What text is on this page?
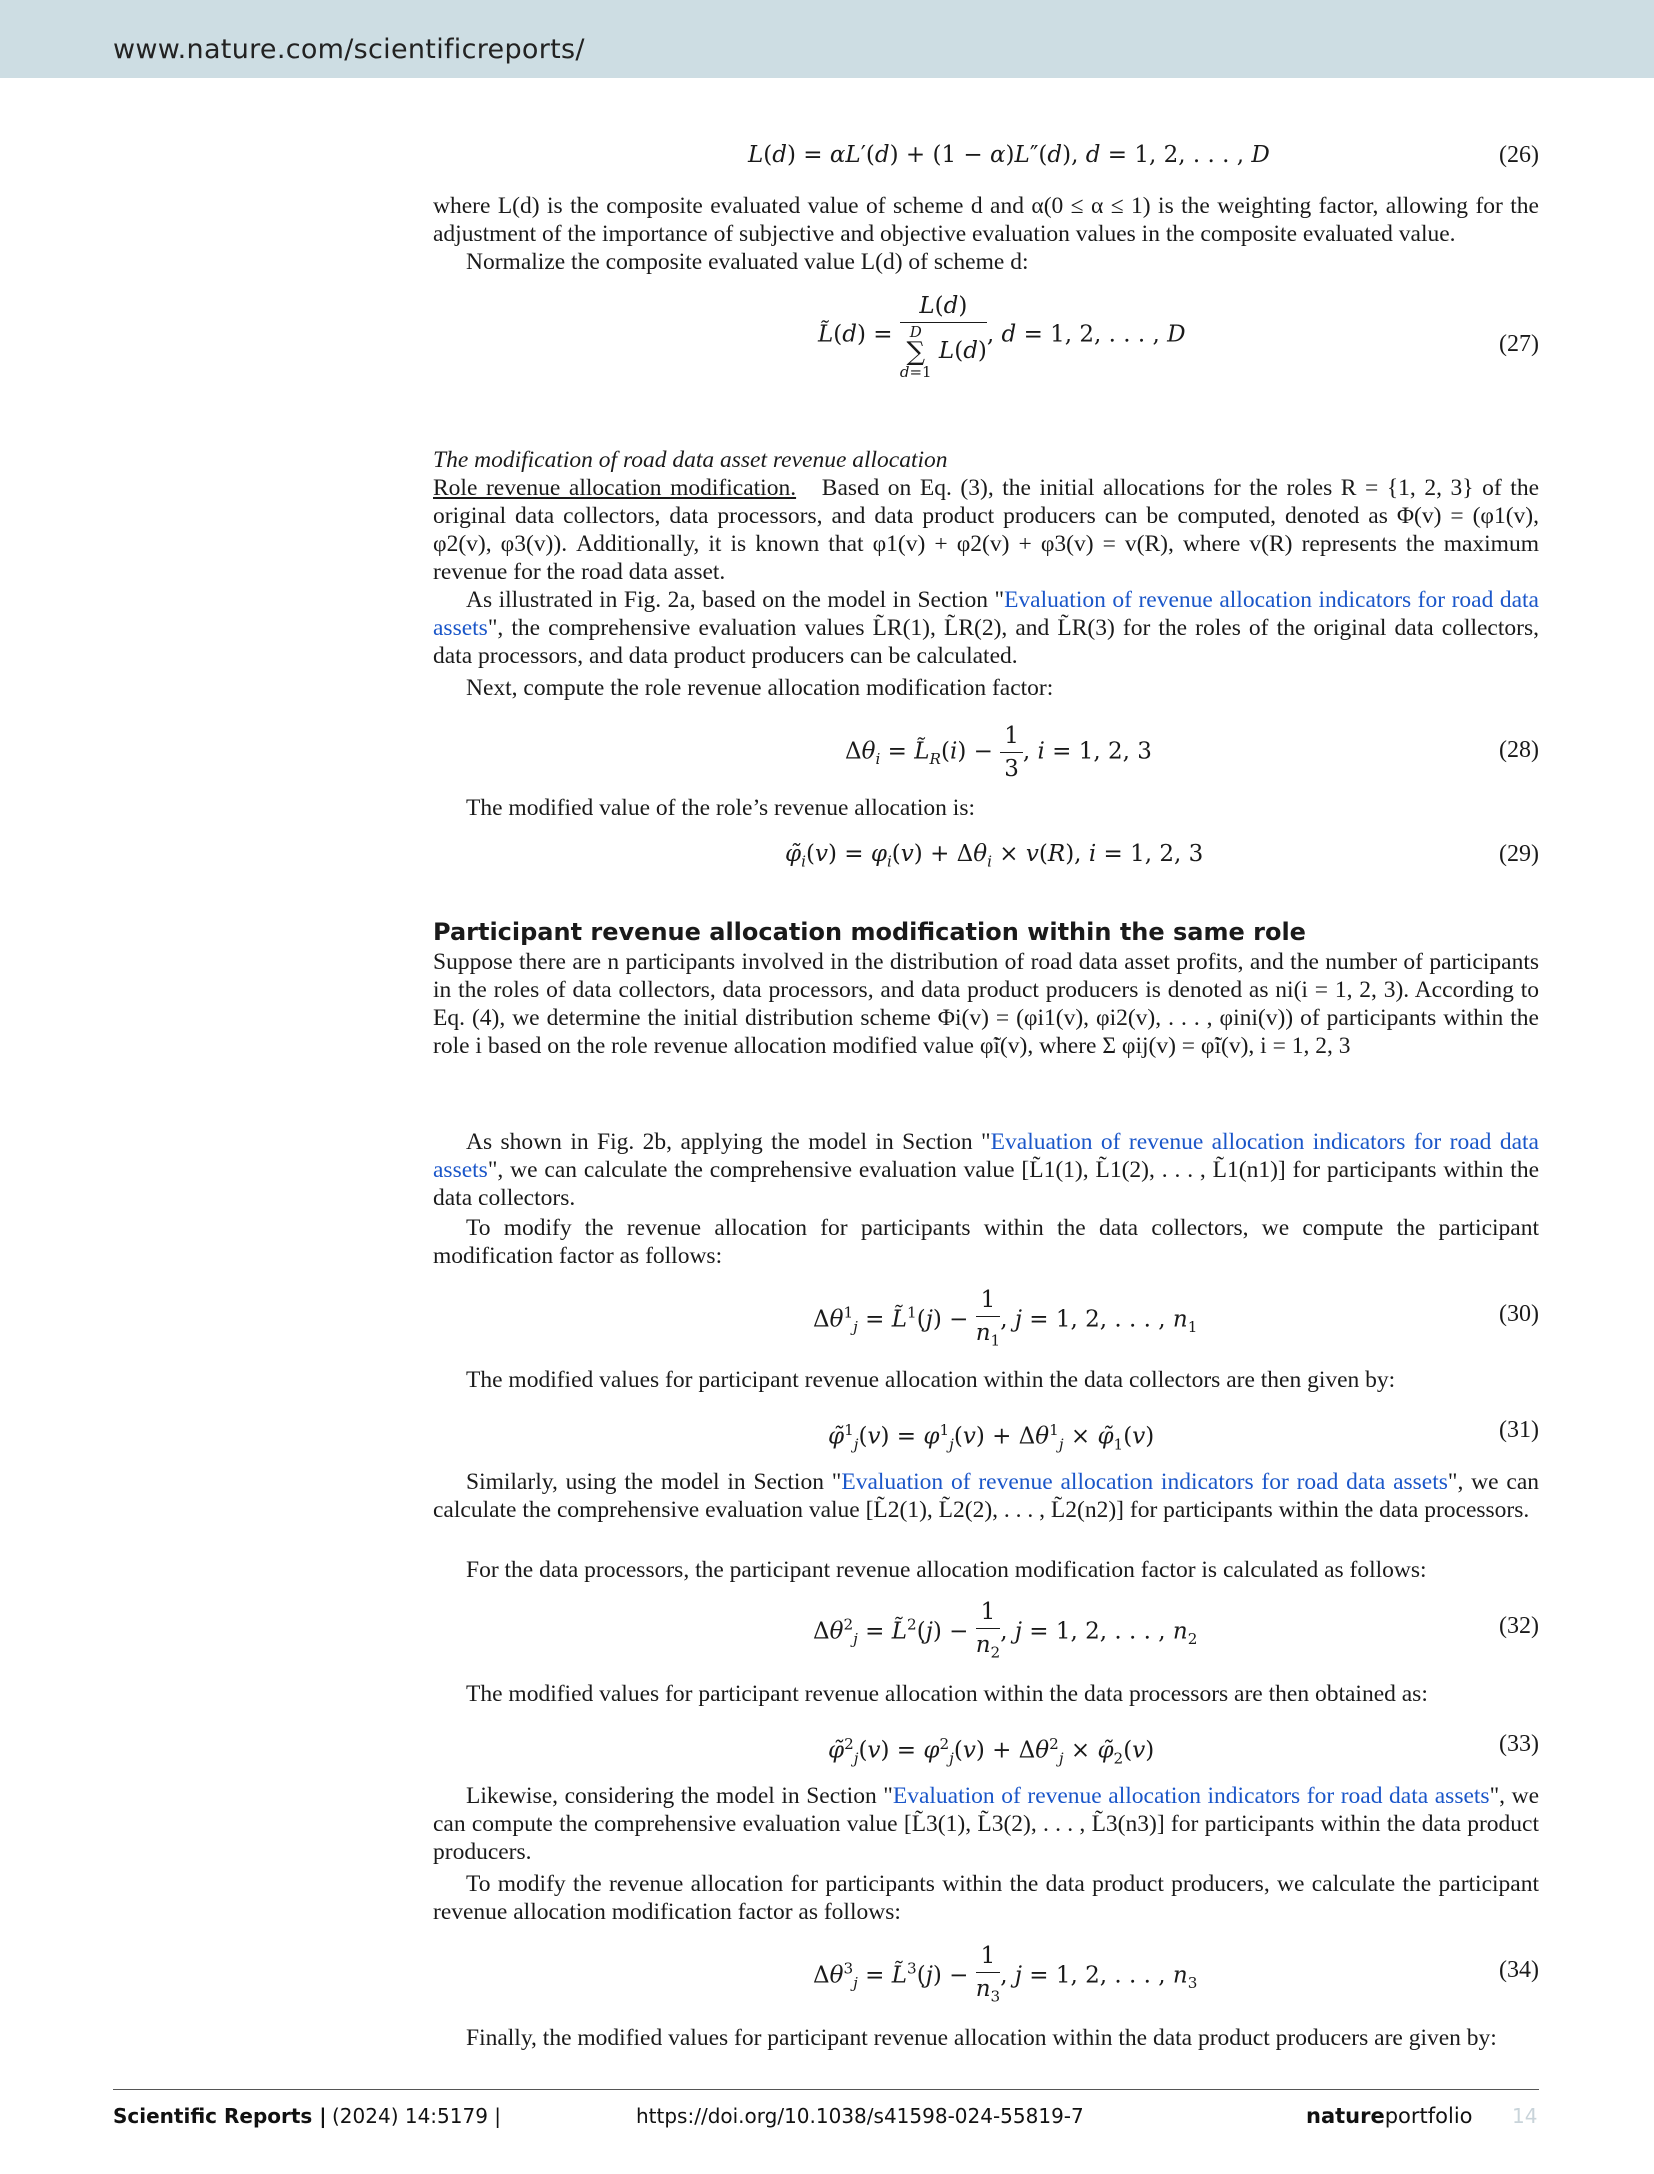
www.nature.com/scientificreports/
L(d) = αL′(d) + (1 − α)L″(d), d = 1, 2, . . . , D	(26)

where L(d) is the composite evaluated value of scheme d and α(0 ≤ α ≤ 1) is the weighting factor, allowing for the adjustment of the importance of subjective and objective evaluation values in the composite evaluated value.

Normalize the composite evaluated value L(d) of scheme d:

L̃(d) = L(d)
D
∑
d=1 L(d) , d = 1, 2, . . . , D	(27)

The modification of road data asset revenue allocation

Role revenue allocation modification. Based on Eq. (3), the initial allocations for the roles R = {1, 2, 3} of the original data collectors, data processors, and data product producers can be computed, denoted as Φ(v) = (φ1(v), φ2(v), φ3(v)). Additionally, it is known that φ1(v) + φ2(v) + φ3(v) = v(R), where v(R) represents the maximum revenue for the road data asset.

As illustrated in Fig. 2a, based on the model in Section "Evaluation of revenue allocation indicators for road data assets", the comprehensive evaluation values L̃R(1), L̃R(2), and L̃R(3) for the roles of the original data collectors, data processors, and data product producers can be calculated.

Next, compute the role revenue allocation modification factor:

$\Delta\theta_i$ = $L̃_R(i) - \frac{1}{3}$ , i = 1, 2, 3	(28)

The modified value of the role’s revenue allocation is:

$\varphĩ_i(v) = \varphi_i(v) + \Delta\theta_i \times v(R)$, i = 1, 2, 3	(29)
Participant revenue allocation modification within the same role

Suppose there are n participants involved in the distribution of road data asset profits, and the number of participants in the roles of data collectors, data processors, and data product producers is denoted as ni(i = 1, 2, 3). According to Eq. (4), we determine the initial distribution scheme Φi(v) = (φi1(v), φi2(v), . . . , φini(v)) of participants within the role i based on the role revenue allocation modified value φ̃i(v), where Σ φij(v) = φ̃i(v), i = 1, 2, 3

As shown in Fig. 2b, applying the model in Section "Evaluation of revenue allocation indicators for road data assets", we can calculate the comprehensive evaluation value [L̃1(1), L̃1(2), . . . , L̃1(n1)] for participants within the data collectors.

To modify the revenue allocation for participants within the data collectors, we compute the participant modification factor as follows:

$\Delta\theta^1_j$ = L̃$^1$(j) − $\frac{1}{n_1}$ , j = 1, 2, . . . , $n_1$	(30)

The modified values for participant revenue allocation within the data collectors are then given by:

φ̃$^1_j$(v) = $\varphi^1_j(v) + \Delta\theta^1_j$ × $\varphĩ_1(v)$	(31)

Similarly, using the model in Section "Evaluation of revenue allocation indicators for road data assets", we can calculate the comprehensive evaluation value [L̃2(1), L̃2(2), . . . , L̃2(n2)] for participants within the data processors.

For the data processors, the participant revenue allocation modification factor is calculated as follows:

$\Delta\theta^2_j$ = L̃$^2$(j) − $\frac{1}{n_2}$ , j = 1, 2, . . . , $n_2$	(32)

The modified values for participant revenue allocation within the data processors are then obtained as:

φ̃$^2_j$(v) = $\varphi^2_j(v) + \Delta\theta^2_j$ × $\varphĩ_2(v)$	(33)

Likewise, considering the model in Section "Evaluation of revenue allocation indicators for road data assets", we can compute the comprehensive evaluation value [L̃3(1), L̃3(2), . . . , L̃3(n3)] for participants within the data product producers.

To modify the revenue allocation for participants within the data product producers, we calculate the participant revenue allocation modification factor as follows:

$\Delta\theta^3_j$ = L̃$^3$(j) − $\frac{1}{n_3}$ , j = 1, 2, . . . , $n_3$	(34)

Finally, the modified values for participant revenue allocation within the data product producers are given by:

Scientific Reports | (2024) 14:5179 |	https://doi.org/10.1038/s41598-024-55819-7	natureportfolio 14
